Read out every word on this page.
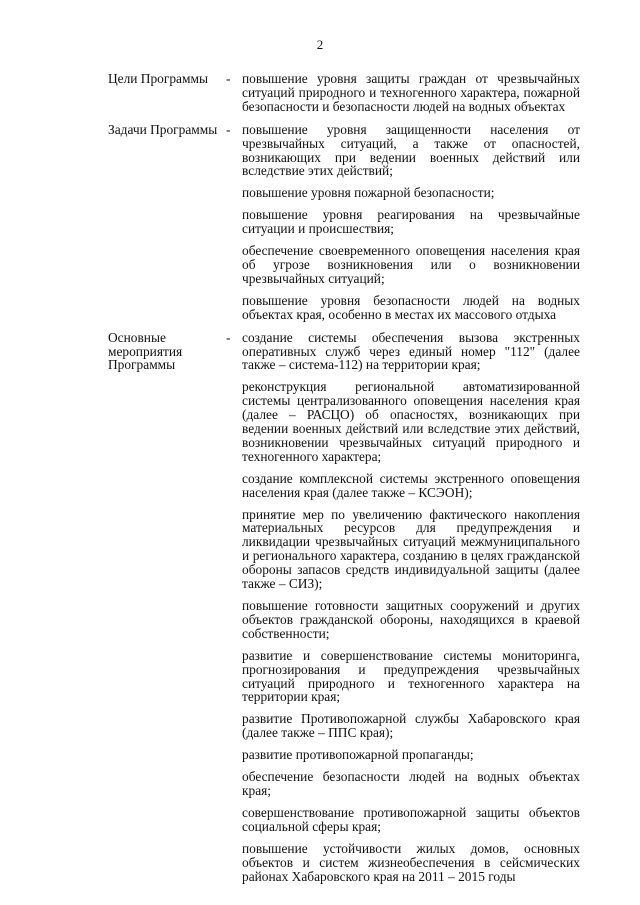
2
Цели Программы	- повышение уровня защиты граждан от чрезвычайных ситуаций природного и техногенного характера, пожарной безопасности и безопасности людей на водных объектах

Задачи Программы - повышение уровня защищенности населения от чрезвычайных ситуаций, а также от опасностей, возникающих при ведении военных действий или вследствие этих действий;

повышение уровня пожарной безопасности;

повышение уровня реагирования на чрезвычайные ситуации и происшествия;

обеспечение своевременного оповещения населения края об угрозе возникновения или о возникновении чрезвычайных ситуаций;

повышение уровня безопасности людей на водных объектах края, особенно в местах их массового отдыха

Основные мероприятия Программы
- создание системы обеспечения вызова экстренных оперативных служб через единый номер "112" (далее также – система-112) на территории края;

реконструкция региональной автоматизированной системы централизованного оповещения населения края (далее – РАСЦО) об опасностях, возникающих при ведении военных действий или вследствие этих действий, возникновении чрезвычайных ситуаций природного и техногенного характера;

создание комплексной системы экстренного оповещения населения края (далее также – КСЭОН);

принятие мер по увеличению фактического накопления материальных ресурсов для предупреждения и ликвидации чрезвычайных ситуаций межмуниципального и регионального характера, созданию в целях гражданской обороны запасов средств индивидуальной защиты (далее также – СИЗ);

повышение готовности защитных сооружений и других объектов гражданской обороны, находящихся в краевой собственности;

развитие и совершенствование системы мониторинга, прогнозирования и предупреждения чрезвычайных ситуаций природного и техногенного характера на территории края;

развитие Противопожарной службы Хабаровского края (далее также – ППС края);

развитие противопожарной пропаганды;

обеспечение безопасности людей на водных объектах края;

совершенствование противопожарной защиты объектов социальной сферы края;

повышение устойчивости жилых домов, основных объектов и систем жизнеобеспечения в сейсмических районах Хабаровского края на 2011 – 2015 годы
